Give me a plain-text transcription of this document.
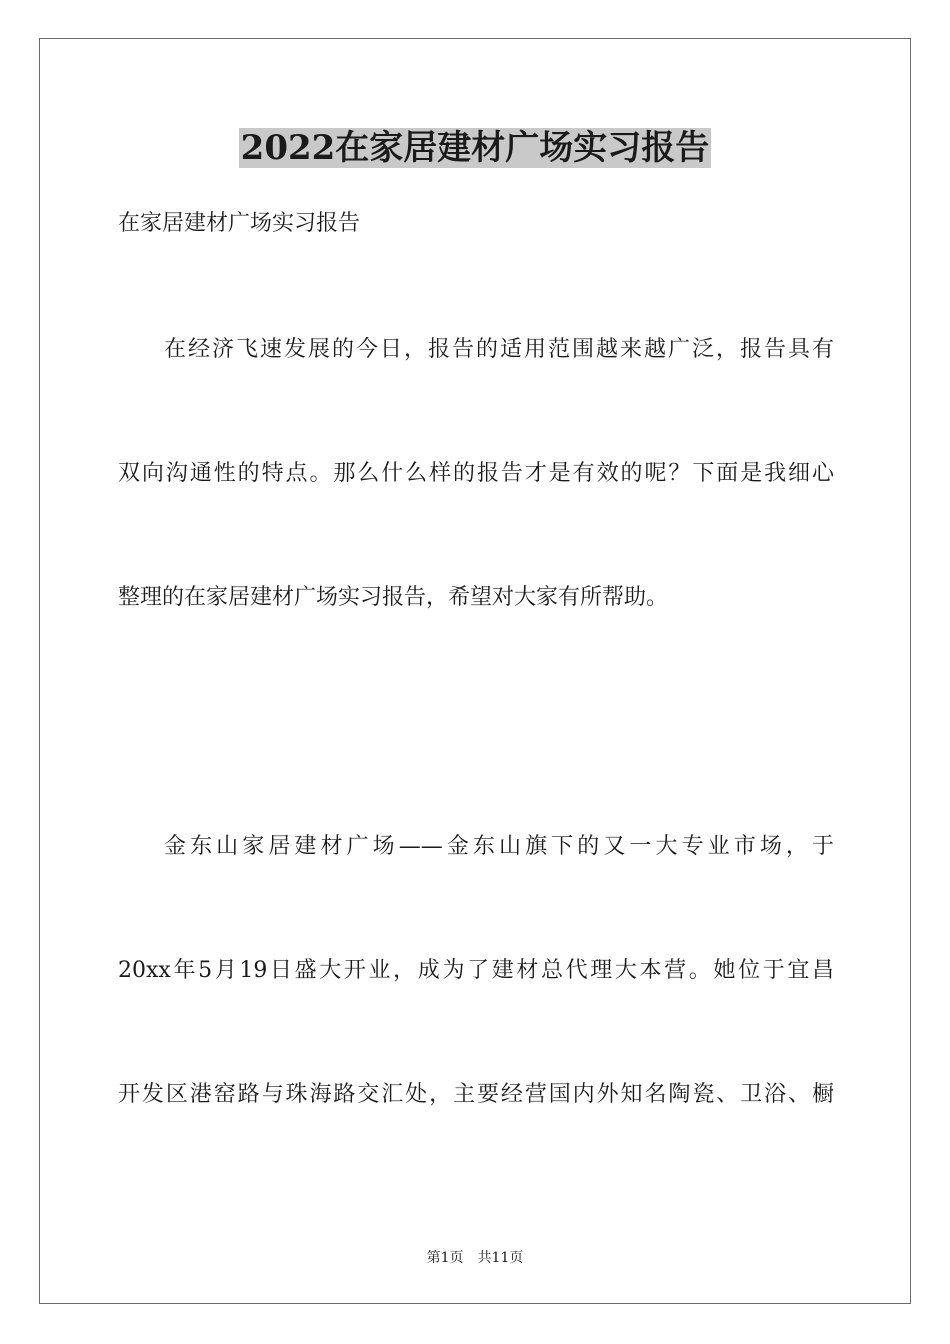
2022在家居建材广场实习报告

在家居建材广场实习报告

在经济飞速发展的今日，报告的适用范围越来越广泛，报告具有

双向沟通性的特点。那么什么样的报告才是有效的呢？下面是我细心

整理的在家居建材广场实习报告，希望对大家有所帮助。

金东山家居建材广场——金东山旗下的又一大专业市场，于

20xx年5月19日盛大开业，成为了建材总代理大本营。她位于宜昌

开发区港窑路与珠海路交汇处，主要经营国内外知名陶瓷、卫浴、橱

第1页　共11页
